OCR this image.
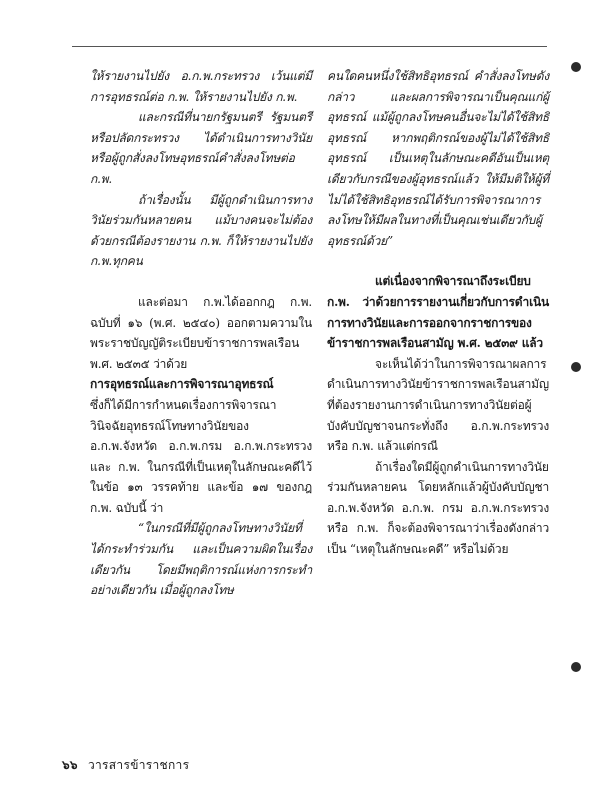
ให้รายงานไปยัง อ.ก.พ.กระทรวง เว้นแต่มีการอุทธรณ์ต่อ ก.พ. ให้รายงานไปยัง ก.พ.

และกรณีที่นายกรัฐมนตรี รัฐมนตรี หรือปลัดกระทรวง ได้ดำเนินการทางวินัย หรือผู้ถูกสั่งลงโทษอุทธรณ์คำสั่งลงโทษต่อ ก.พ.

ถ้าเรื่องนั้น มีผู้ถูกดำเนินการทางวินัยร่วมกันหลายคน แม้บางคนจะไม่ต้องด้วยกรณีต้องรายงาน ก.พ. ก็ให้รายงานไปยัง ก.พ.ทุกคน

และต่อมา ก.พ.ได้ออกกฎ ก.พ. ฉบับที่ ๑๖ (พ.ศ. ๒๕๔๐) ออกตามความในพระราชบัญญัติระเบียบข้าราชการพลเรือน พ.ศ. ๒๕๓๕ ว่าด้วย

การอุทธรณ์และการพิจารณาอุทธรณ์

ซึ่งก็ได้มีการกำหนดเรื่องการพิจารณาวินิจฉัยอุทธรณ์โทษทางวินัยของ อ.ก.พ.จังหวัด อ.ก.พ.กรม อ.ก.พ.กระทรวง และ ก.พ. ในกรณีที่เป็นเหตุในลักษณะคดีไว้ในข้อ ๑๓ วรรคท้าย และข้อ ๑๗ ของกฎ ก.พ. ฉบับนี้ ว่า

“ในกรณีที่มีผู้ถูกลงโทษทางวินัยที่ได้กระทำร่วมกัน และเป็นความผิดในเรื่องเดียวกัน โดยมีพฤติการณ์แห่งการกระทำอย่างเดียวกัน เมื่อผู้ถูกลงโทษ

คนใดคนหนึ่งใช้สิทธิอุทธรณ์ คำสั่งลงโทษดังกล่าว และผลการพิจารณาเป็นคุณแก่ผู้อุทธรณ์ แม้ผู้ถูกลงโทษคนอื่นจะไม่ได้ใช้สิทธิอุทธรณ์ หากพฤติกรณ์ของผู้ไม่ได้ใช้สิทธิอุทธรณ์ เป็นเหตุในลักษณะคดีอันเป็นเหตุเดียวกับกรณีของผู้อุทธรณ์แล้ว ให้มีมติให้ผู้ที่ไม่ได้ใช้สิทธิอุทธรณ์ได้รับการพิจารณาการลงโทษให้มีผลในทางที่เป็นคุณเช่นเดียวกับผู้อุทธรณ์ด้วย”

แต่เนื่องจากพิจารณาถึงระเบียบ ก.พ. ว่าด้วยการรายงานเกี่ยวกับการดำเนินการทางวินัยและการออกจากราชการของข้าราชการพลเรือนสามัญ พ.ศ. ๒๕๓๙ แล้ว

จะเห็นได้ว่าในการพิจารณาผลการดำเนินการทางวินัยข้าราชการพลเรือนสามัญที่ต้องรายงานการดำเนินการทางวินัยต่อผู้บังคับบัญชาจนกระทั่งถึง อ.ก.พ.กระทรวงหรือ ก.พ. แล้วแต่กรณี

ถ้าเรื่องใดมีผู้ถูกดำเนินการทางวินัยร่วมกันหลายคน โดยหลักแล้วผู้บังคับบัญชา อ.ก.พ.จังหวัด อ.ก.พ. กรม อ.ก.พ.กระทรวง หรือ ก.พ. ก็จะต้องพิจารณาว่าเรื่องดังกล่าวเป็น “เหตุในลักษณะคดี” หรือไม่ด้วย

๖๖ วารสารข้าราชการ
